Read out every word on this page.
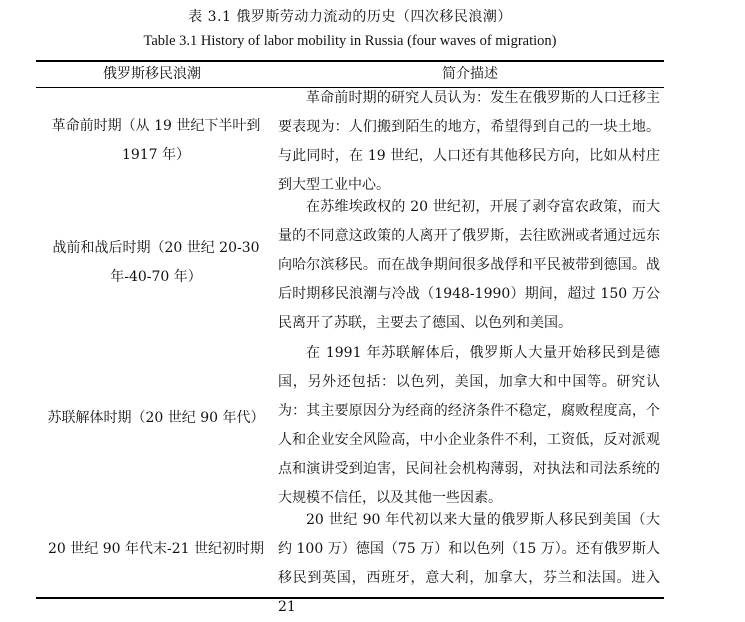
表 3.1 俄罗斯劳动力流动的历史（四次移民浪潮）
Table 3.1 History of labor mobility in Russia (four waves of migration)
俄罗斯移民浪潮	简介描述
革命前时期（从 19 世纪下半叶到 1917 年）

革命前时期的研究人员认为：发生在俄罗斯的人口迁移主要表现为：人们搬到陌生的地方，希望得到自己的一块土地。与此同时，在 19 世纪，人口还有其他移民方向，比如从村庄到大型工业中心。

战前和战后时期（20 世纪 20-30 年-40-70 年）

在苏维埃政权的 20 世纪初，开展了剥夺富农政策，而大量的不同意这政策的人离开了俄罗斯，去往欧洲或者通过远东向哈尔滨移民。而在战争期间很多战俘和平民被带到德国。战后时期移民浪潮与冷战（1948-1990）期间，超过 150 万公民离开了苏联，主要去了德国、以色列和美国。

苏联解体时期（20 世纪 90 年代）

在 1991 年苏联解体后，俄罗斯人大量开始移民到是德国，另外还包括：以色列，美国，加拿大和中国等。研究认为：其主要原因分为经商的经济条件不稳定，腐败程度高，个人和企业安全风险高，中小企业条件不利，工资低，反对派观点和演讲受到迫害，民间社会机构薄弱，对执法和司法系统的大规模不信任，以及其他一些因素。

20 世纪 90 年代末-21 世纪初时期

20 世纪 90 年代初以来大量的俄罗斯人移民到美国（大约 100 万）德国（75 万）和以色列（15 万）。还有俄罗斯人移民到英国，西班牙，意大利，加拿大，芬兰和法国。进入 21
